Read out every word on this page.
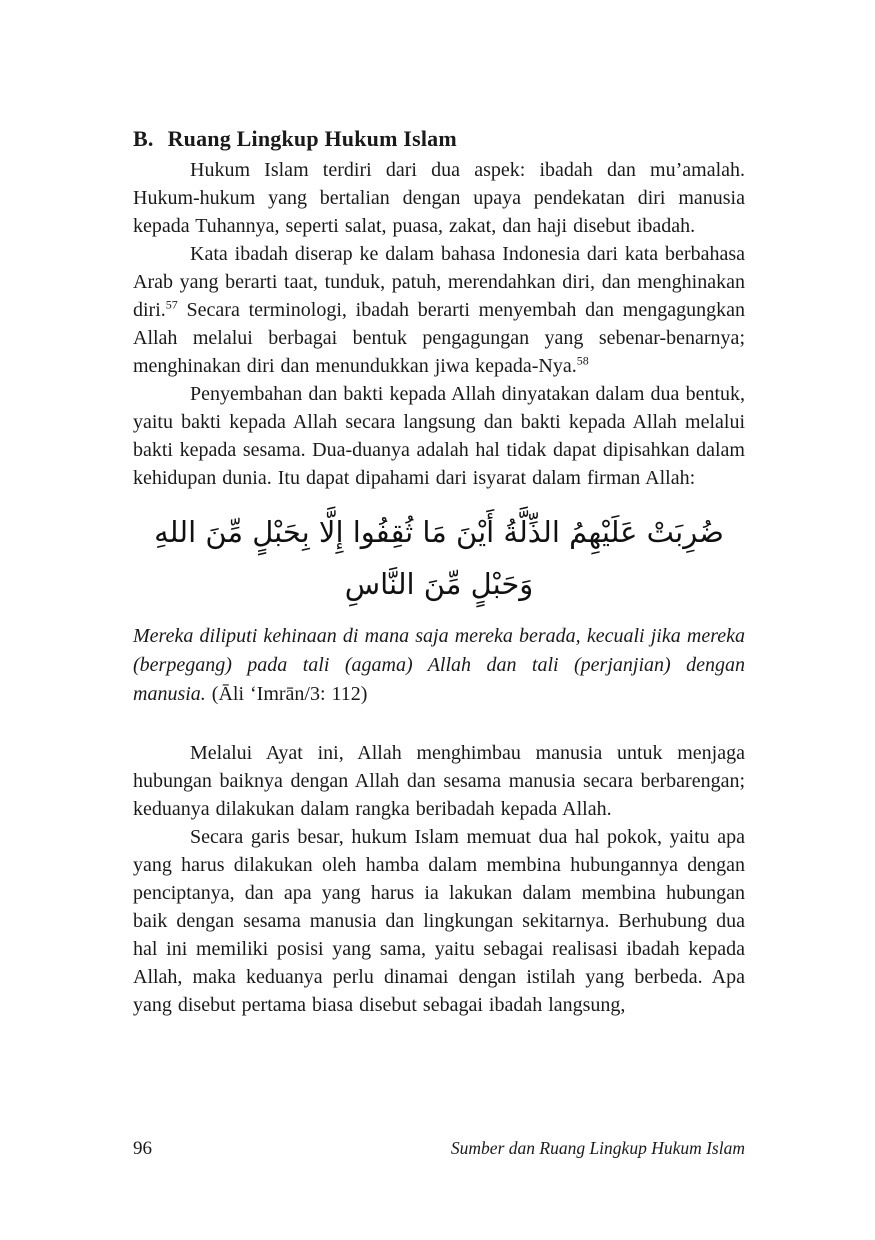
B. Ruang Lingkup Hukum Islam

Hukum Islam terdiri dari dua aspek: ibadah dan mu’amalah. Hukum-hukum yang bertalian dengan upaya pendekatan diri manusia kepada Tuhannya, seperti salat, puasa, zakat, dan haji disebut ibadah.

Kata ibadah diserap ke dalam bahasa Indonesia dari kata berbahasa Arab yang berarti taat, tunduk, patuh, merendahkan diri, dan menghinakan diri.$^{57}$ Secara terminologi, ibadah berarti menyembah dan mengagungkan Allah melalui berbagai bentuk pengagungan yang sebenar-benarnya; menghinakan diri dan menundukkan jiwa kepada-Nya.$^{58}$

Penyembahan dan bakti kepada Allah dinyatakan dalam dua bentuk, yaitu bakti kepada Allah secara langsung dan bakti kepada Allah melalui bakti kepada sesama. Dua-duanya adalah hal tidak dapat dipisahkan dalam kehidupan dunia. Itu dapat dipahami dari isyarat dalam firman Allah:

ضُرِبَتْ عَلَيْهِمُ الذِّلَّةُ أَيْنَ مَا ثُقِفُوا إِلَّا بِحَبْلٍ مِّنَ اللهِ وَحَبْلٍ مِّنَ النَّاسِ

Mereka diliputi kehinaan di mana saja mereka berada, kecuali jika mereka (berpegang) pada tali (agama) Allah dan tali (perjanjian) dengan manusia. (Āli ‘Imrān/3: 112)

Melalui Ayat ini, Allah menghimbau manusia untuk menjaga hubungan baiknya dengan Allah dan sesama manusia secara berbarengan; keduanya dilakukan dalam rangka beribadah kepada Allah.

Secara garis besar, hukum Islam memuat dua hal pokok, yaitu apa yang harus dilakukan oleh hamba dalam membina hubungannya dengan penciptanya, dan apa yang harus ia lakukan dalam membina hubungan baik dengan sesama manusia dan lingkungan sekitarnya. Berhubung dua hal ini memiliki posisi yang sama, yaitu sebagai realisasi ibadah kepada Allah, maka keduanya perlu dinamai dengan istilah yang berbeda. Apa yang disebut pertama biasa disebut sebagai ibadah langsung,

96	Sumber dan Ruang Lingkup Hukum Islam
